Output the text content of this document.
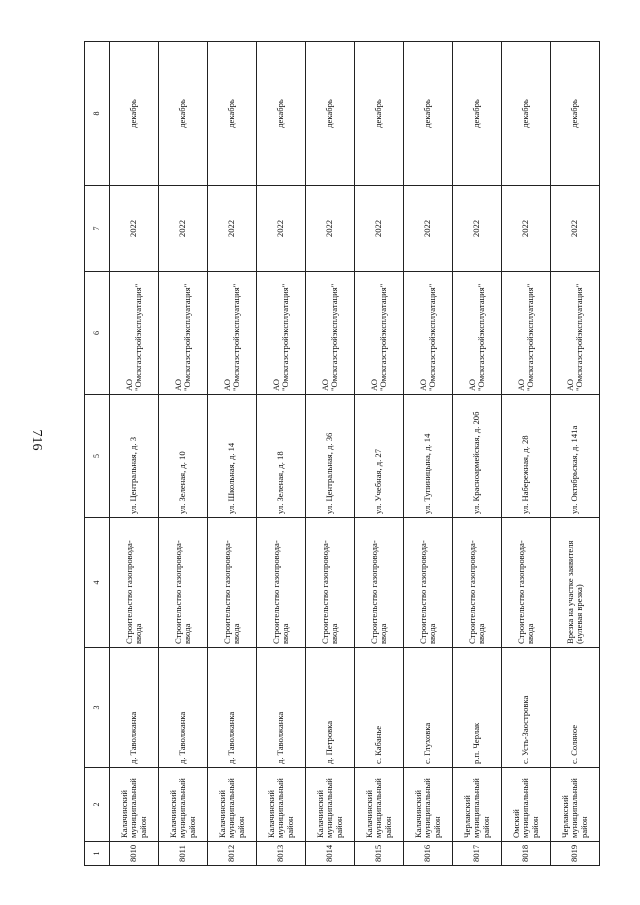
716
1	2	3	4	5	6	7	8
8010	Калачинский муниципальный район	д. Таволжанка	Строительство газопровода-ввода	ул. Центральная, д. 3	АО "Омскгазстройэксплуатация"	2022	декабрь
8011	Калачинский муниципальный район	д. Таволжанка	Строительство газопровода-ввода	ул. Зеленая, д. 10	АО "Омскгазстройэксплуатация"	2022	декабрь
8012	Калачинский муниципальный район	д. Таволжанка	Строительство газопровода-ввода	ул. Школьная, д. 14	АО "Омскгазстройэксплуатация"	2022	декабрь
8013	Калачинский муниципальный район	д. Таволжанка	Строительство газопровода-ввода	ул. Зеленая, д. 18	АО "Омскгазстройэксплуатация"	2022	декабрь
8014	Калачинский муниципальный район	д. Петровка	Строительство газопровода-ввода	ул. Центральная, д. 36	АО "Омскгазстройэксплуатация"	2022	декабрь
8015	Калачинский муниципальный район	с. Кабанье	Строительство газопровода-ввода	ул. Учебная, д. 27	АО "Омскгазстройэксплуатация"	2022	декабрь
8016	Калачинский муниципальный район	с. Глуховка	Строительство газопровода-ввода	ул. Тупиницына, д. 14	АО "Омскгазстройэксплуатация"	2022	декабрь
8017	Черлакский муниципальный район	р.п. Черлак	Строительство газопровода-ввода	ул. Красноармейская, д. 20б	АО "Омскгазстройэксплуатация"	2022	декабрь
8018	Омский муниципальный район	с. Усть-Заостровка	Строительство газопровода-ввода	ул. Набережная, д. 28	АО "Омскгазстройэксплуатация"	2022	декабрь
8019	Черлакский муниципальный район	с. Соляное	Врезка на участке заявителя (нулевая врезка)	ул. Октябрьская, д. 141а	АО "Омскгазстройэксплуатация"	2022	декабрь
